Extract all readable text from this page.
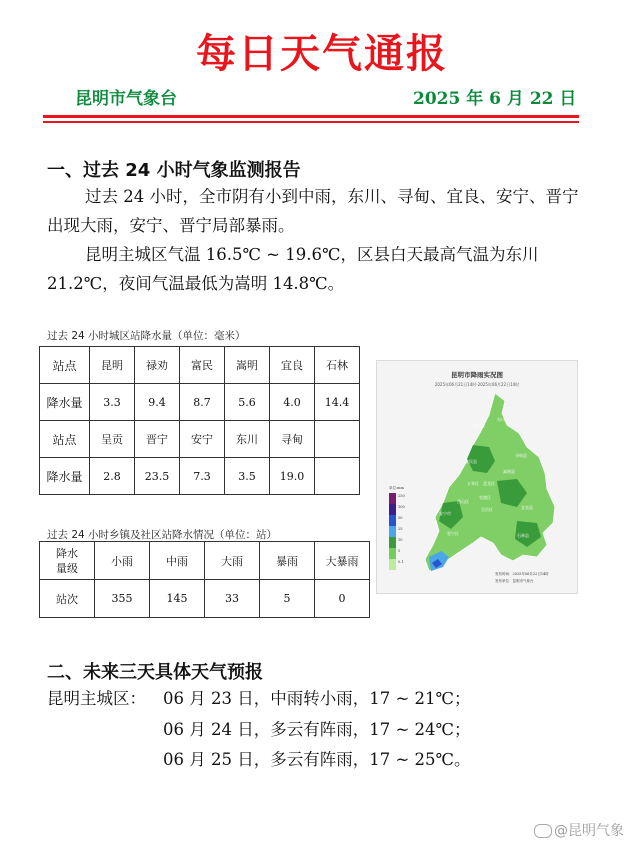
每日天气通报
昆明市气象台	2025 年 6 月 22 日
一、过去 24 小时气象监测报告
过去 24 小时，全市阴有小到中雨，东川、寻甸、宜良、安宁、晋宁出现大雨，安宁、晋宁局部暴雨。
昆明主城区气温 16.5℃ ~ 19.6℃，区县白天最高气温为东川 21.2℃，夜间气温最低为嵩明 14.8℃。
过去 24 小时城区站降水量（单位：毫米）
站点	昆明	禄劝	富民	嵩明	宜良	石林
降水量	3.3	9.4	8.7	5.6	4.0	14.4
站点	呈贡	晋宁	安宁	东川	寻甸	
降水量	2.8	23.5	7.3	3.5	19.0	
过去 24 小时乡镇及社区站降水情况（单位：站）
降水
量级	小雨	中雨	大雨	暴雨	大暴雨
站次	355	145	33	5	0
昆明市降雨实况图
2025年06月21日14时-2025年06月22日14时
单位:mm
250
100
50
25
10
5
0.1
发布时间：2025年06月22日14时
发布单位：昆明市气象台
禄劝县
东川区
寻甸县
富民县
嵩明县
五华区 盘龙区
官渡区
西山区
安宁市
呈贡区	宜良县
晋宁区	石林县
二、未来三天具体天气预报
昆明主城区： 06 月 23 日，中雨转小雨，17 ~ 21℃；
06 月 24 日，多云有阵雨，17 ~ 24℃；
06 月 25 日，多云有阵雨，17 ~ 25℃。
@昆明气象
